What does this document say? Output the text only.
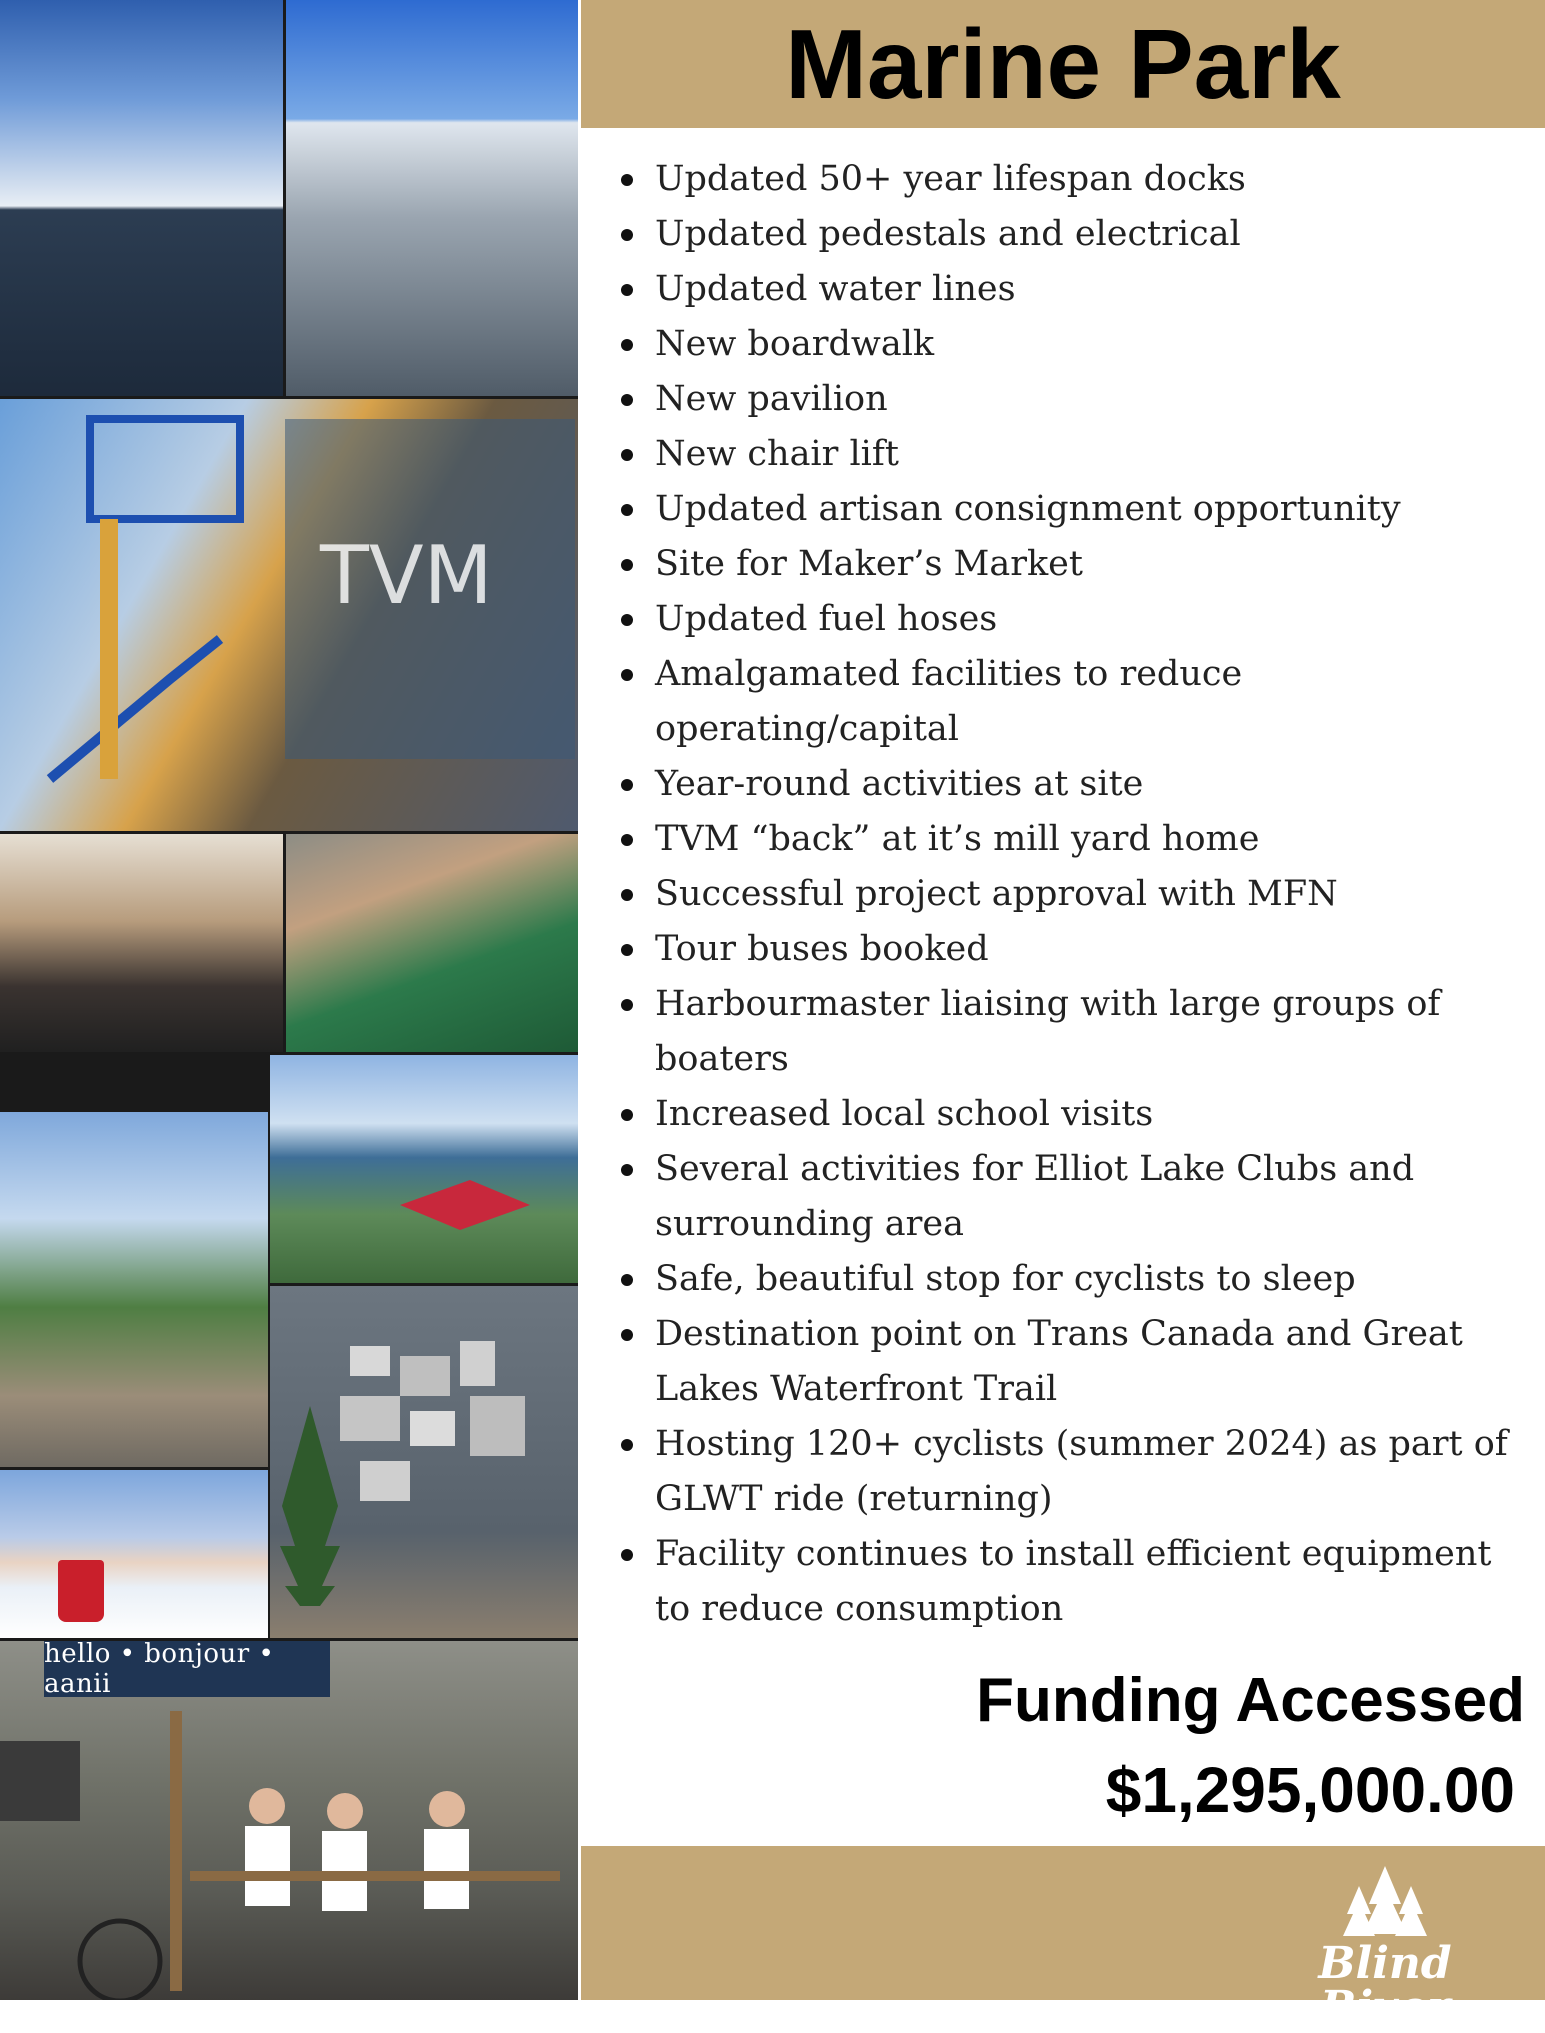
TVM
hello • bonjour • aanii
Marine Park
Updated 50+ year lifespan docks
Updated pedestals and electrical
Updated water lines
New boardwalk
New pavilion
New chair lift
Updated artisan consignment opportunity
Site for Maker’s Market
Updated fuel hoses
Amalgamated facilities to reduce operating/capital
Year-round activities at site
TVM “back” at it’s mill yard home
Successful project approval with MFN
Tour buses booked
Harbourmaster liaising with large groups of boaters
Increased local school visits
Several activities for Elliot Lake Clubs and surrounding area
Safe, beautiful stop for cyclists to sleep
Destination point on Trans Canada and Great Lakes Waterfront Trail
Hosting 120+ cyclists (summer 2024) as part of GLWT ride (returning)
Facility continues to install efficient equipment to reduce consumption

Funding Accessed

$1,295,000.00

Blind River
